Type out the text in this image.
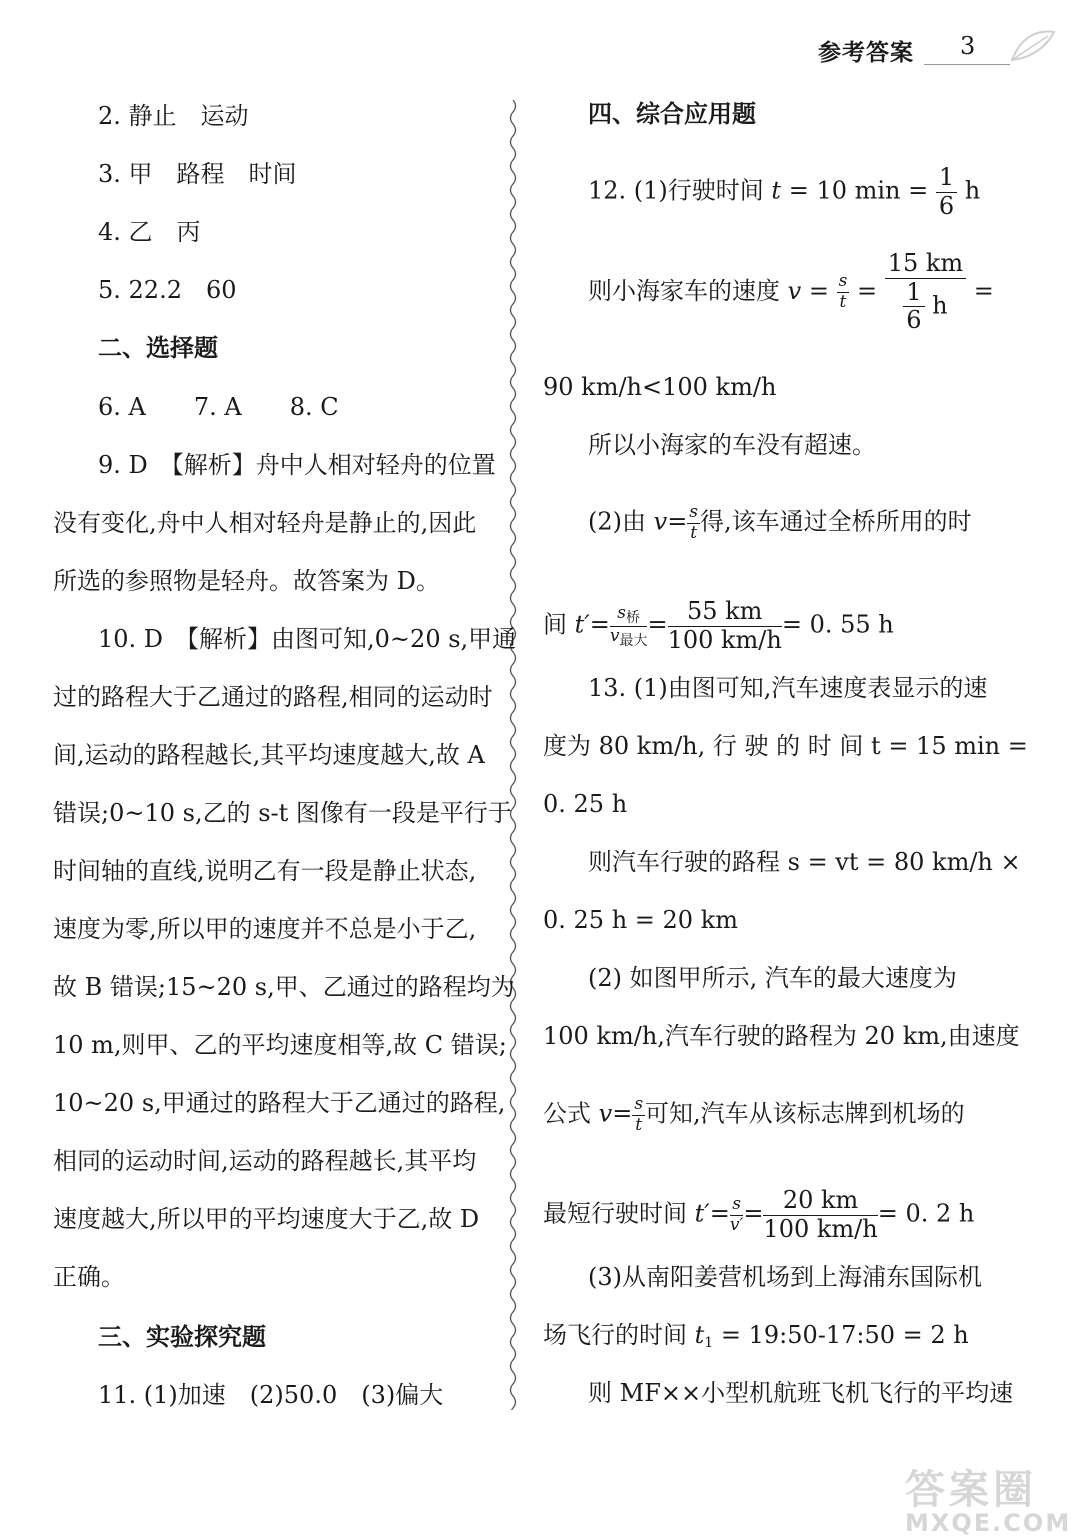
参考答案 3
2. 静止　运动
3. 甲　路程　时间
4. 乙　丙
5. 22.2　60
二、选择题
6. A　　7. A　　8. C
9. D　【解析】舟中人相对轻舟的位置
没有变化,舟中人相对轻舟是静止的,因此
所选的参照物是轻舟。故答案为 D。
10. D　【解析】由图可知,0~20 s,甲通
过的路程大于乙通过的路程,相同的运动时
间,运动的路程越长,其平均速度越大,故 A
错误;0~10 s,乙的 s-t 图像有一段是平行于
时间轴的直线,说明乙有一段是静止状态,
速度为零,所以甲的速度并不总是小于乙,
故 B 错误;15~20 s,甲、乙通过的路程均为
10 m,则甲、乙的平均速度相等,故 C 错误;
10~20 s,甲通过的路程大于乙通过的路程,
相同的运动时间,运动的路程越长,其平均
速度越大,所以甲的平均速度大于乙,故 D
正确。
三、实验探究题
11. (1)加速　(2)50.0　(3)偏大
四、综合应用题
12. (1)行驶时间 t = 10 $\min = \frac{1}{6}$ h
则小海家车的速度 $v = \frac{s}{t} = \frac{15 km}{\frac{1}{6} h}$ =
90 km/h<100 km/h
所以小海家的车没有超速。
(2)由 $v= \frac{s}{t}$ 得,该车通过全桥所用的时
间 $t'= \frac{s_桥}{v_{最大}} = \frac{55 km}{100 km/h} = 0$. 55 h
13. (1)由图可知,汽车速度表显示的速
度为 80 km/h, 行 驶 的 时 间 t = 15 min =
0. 25 h
则汽车行驶的路程 s = vt = 80 km/h ×
0. 25 h = 20 km
(2) 如图甲所示, 汽车的最大速度为
100 km/h,汽车行驶的路程为 20 km,由速度
公式 $v= \frac{s}{t}$ 可知,汽车从该标志牌到机场的
最短行驶时间 $t'= \frac{s}{v'} = \frac{20 km}{100 km/h} = 0$. 2 h
(3)从南阳姜营机场到上海浦东国际机
场飞行的时间 $t_1$ = 19:50-17:50 = 2 h
则 MF××小型机航班飞机飞行的平均速
答案圈
MXQE.COM
